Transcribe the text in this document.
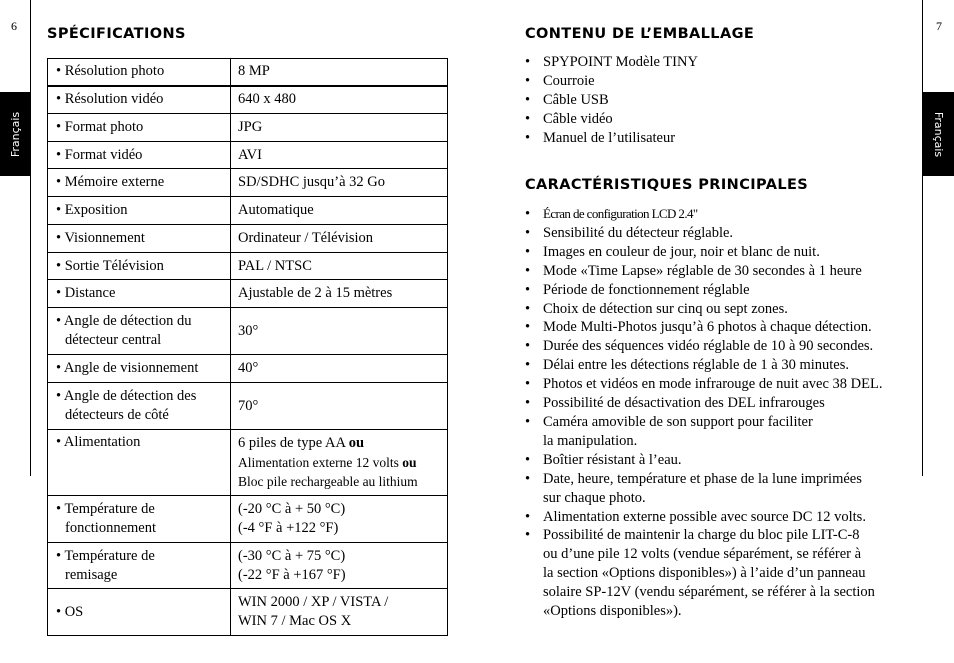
6	7
Français	Français
SPÉCIFICATIONS
• Résolution photo	8 MP

• Résolution vidéo	640 x 480

• Format photo	JPG

• Format vidéo	AVI

• Mémoire externe	SD/SDHC jusqu’à 32 Go

• Exposition	Automatique

• Visionnement	Ordinateur / Télévision

• Sortie Télévision	PAL / NTSC

• Distance	Ajustable de 2 à 15 mètres

• Angle de détection du
détecteur central	30°

• Angle de visionnement	40°

• Angle de détection des
détecteurs de côté	70°

• Alimentation	6 piles de type AA ou
Alimentation externe 12 volts ou
Bloc pile rechargeable au lithium

• Température de
fonctionnement	(-20 °C à + 50 °C)
(-4 °F à +122 °F)

• Température de
remisage	(-30 °C à + 75 °C)
(-22 °F à +167 °F)

• OS	WIN 2000 / XP / VISTA /
WIN 7 / Mac OS X
CONTENU DE L’EMBALLAGE
• SPYPOINT Modèle TINY
• Courroie
• Câble USB
• Câble vidéo
• Manuel de l’utilisateur
CARACTÉRISTIQUES PRINCIPALES
• Écran de configuration LCD 2.4"
• Sensibilité du détecteur réglable.
• Images en couleur de jour, noir et blanc de nuit.
• Mode «Time Lapse» réglable de 30 secondes à 1 heure
• Période de fonctionnement réglable
• Choix de détection sur cinq ou sept zones.
• Mode Multi-Photos jusqu’à 6 photos à chaque détection.
• Durée des séquences vidéo réglable de 10 à 90 secondes.
• Délai entre les détections réglable de 1 à 30 minutes.
• Photos et vidéos en mode infrarouge de nuit avec 38 DEL.
• Possibilité de désactivation des DEL infrarouges
• Caméra amovible de son support pour faciliter
la manipulation.
• Boîtier résistant à l’eau.
• Date, heure, température et phase de la lune imprimées
sur chaque photo.
• Alimentation externe possible avec source DC 12 volts.
• Possibilité de maintenir la charge du bloc pile LIT-C-8
ou d’une pile 12 volts (vendue séparément, se référer à
la section «Options disponibles») à l’aide d’un panneau
solaire SP-12V (vendu séparément, se référer à la section
«Options disponibles»).
